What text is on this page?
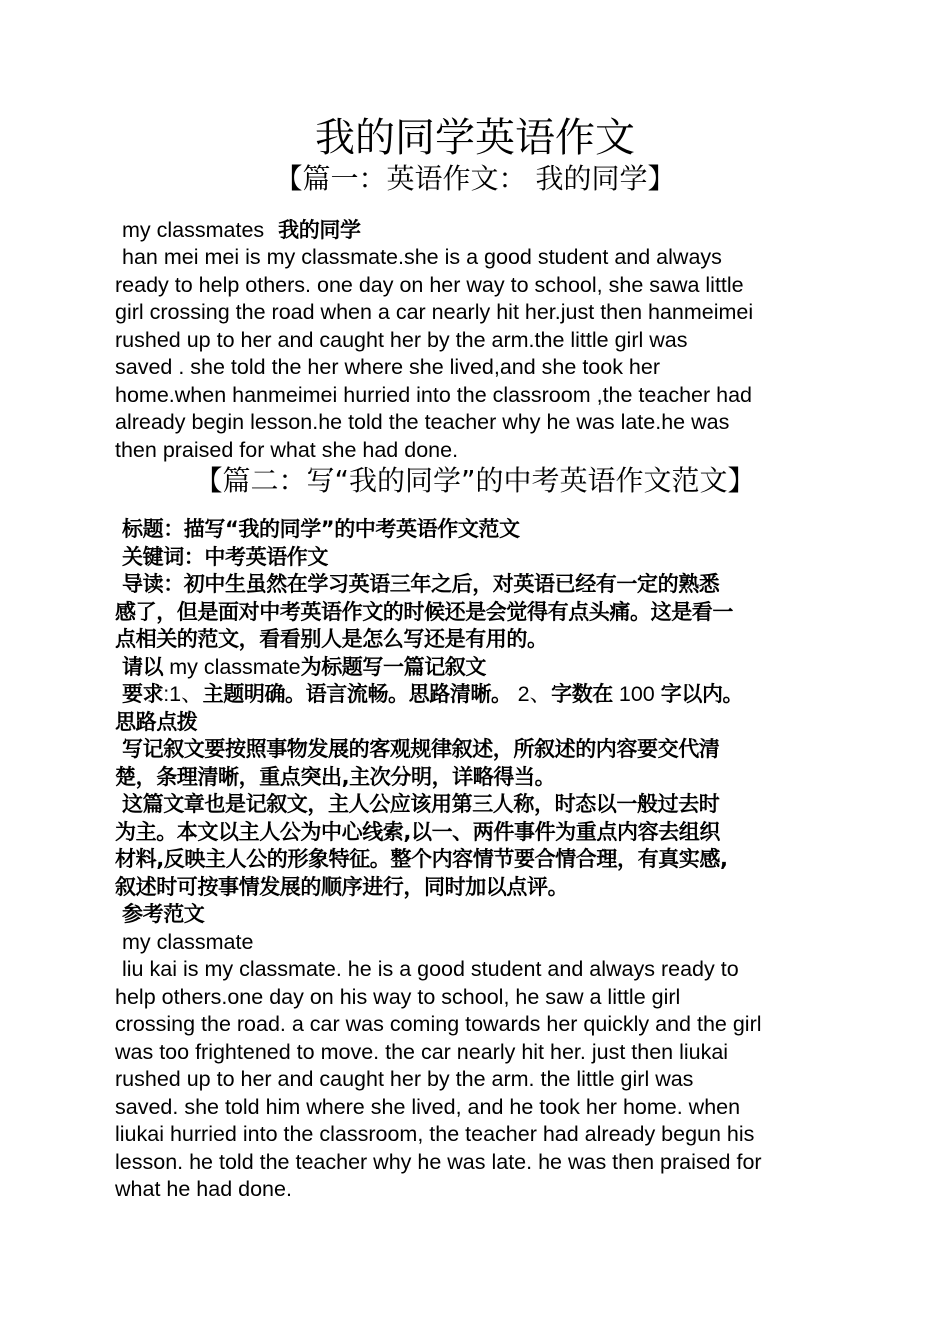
我的同学英语作文
【篇一：英语作文： 我的同学】
my classmates 我的同学
han mei mei is my classmate.she is a good student and always
ready to help others. one day on her way to school, she sawa little
girl crossing the road when a car nearly hit her.just then hanmeimei
rushed up to her and caught her by the arm.the little girl was
saved . she told the her where she lived,and she took her
home.when hanmeimei hurried into the classroom ,the teacher had
already begin lesson.he told the teacher why he was late.he was
then praised for what she had done.
【篇二：写“我的同学”的中考英语作文范文】
标题：描写“我的同学”的中考英语作文范文
关键词：中考英语作文
导读：初中生虽然在学习英语三年之后，对英语已经有一定的熟悉
感了，但是面对中考英语作文的时候还是会觉得有点头痛。这是看一
点相关的范文，看看别人是怎么写还是有用的。
请以 my classmate为标题写一篇记叙文
要求:1、主题明确。语言流畅。思路清晰。 2、字数在 100 字以内。
思路点拨
写记叙文要按照事物发展的客观规律叙述，所叙述的内容要交代清
楚，条理清晰，重点突出,主次分明，详略得当。
这篇文章也是记叙文，主人公应该用第三人称，时态以一般过去时
为主。本文以主人公为中心线索,以一、两件事件为重点内容去组织
材料,反映主人公的形象特征。整个内容情节要合情合理，有真实感,
叙述时可按事情发展的顺序进行，同时加以点评。
参考范文
my classmate
liu kai is my classmate. he is a good student and always ready to
help others.one day on his way to school, he saw a little girl
crossing the road. a car was coming towards her quickly and the girl
was too frightened to move. the car nearly hit her. just then liukai
rushed up to her and caught her by the arm. the little girl was
saved. she told him where she lived, and he took her home. when
liukai hurried into the classroom, the teacher had already begun his
lesson. he told the teacher why he was late. he was then praised for
what he had done.
